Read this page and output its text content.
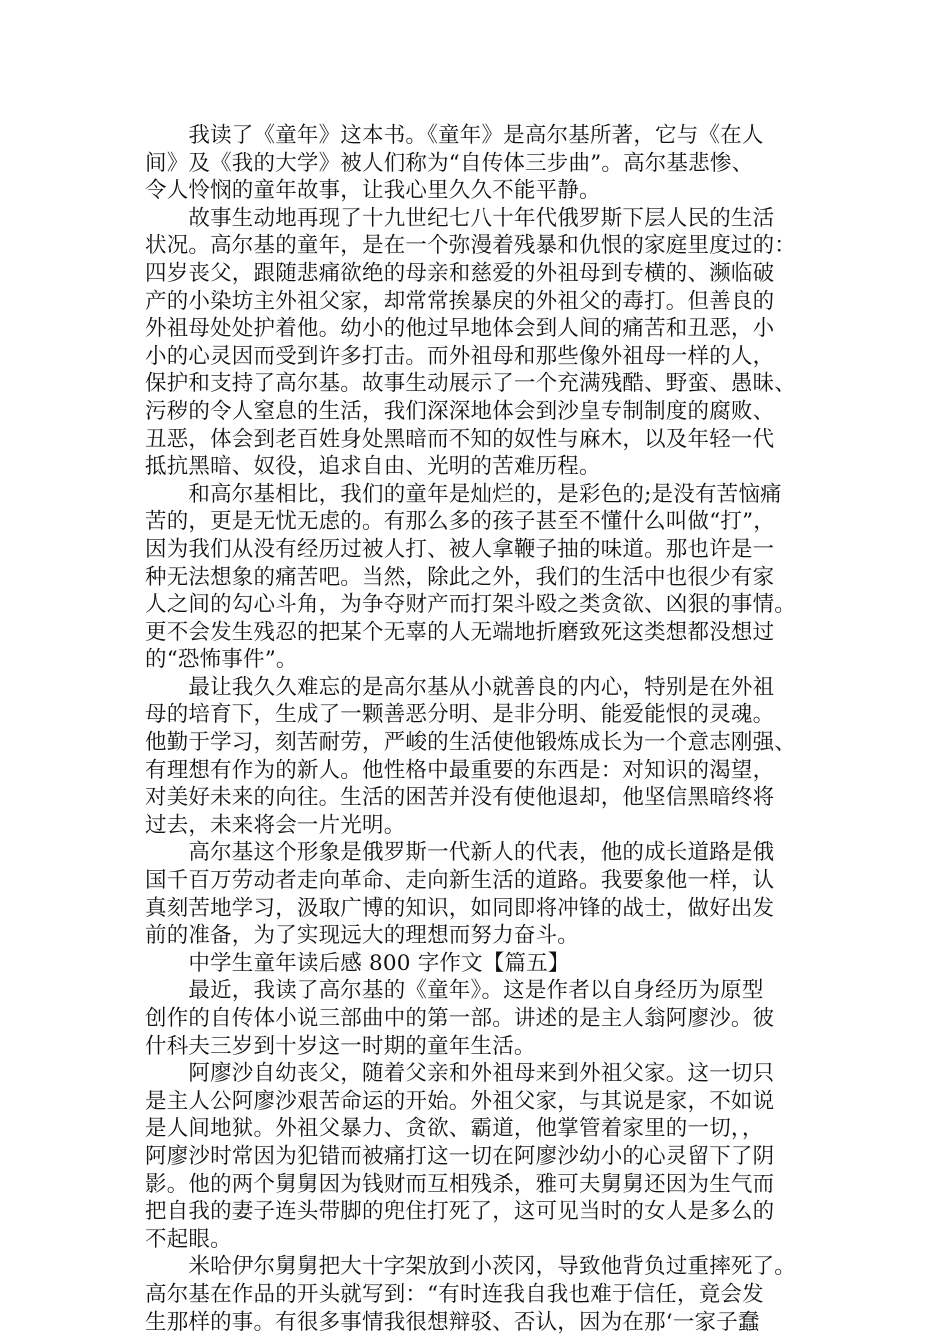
　　我读了《童年》这本书。《童年》是高尔基所著，它与《在人
间》及《我的大学》被人们称为“自传体三步曲”。高尔基悲惨、
令人怜悯的童年故事，让我心里久久不能平静。
　　故事生动地再现了十九世纪七八十年代俄罗斯下层人民的生活
状况。高尔基的童年，是在一个弥漫着残暴和仇恨的家庭里度过的：
四岁丧父，跟随悲痛欲绝的母亲和慈爱的外祖母到专横的、濒临破
产的小染坊主外祖父家，却常常挨暴戾的外祖父的毒打。但善良的
外祖母处处护着他。幼小的他过早地体会到人间的痛苦和丑恶，小
小的心灵因而受到许多打击。而外祖母和那些像外祖母一样的人，
保护和支持了高尔基。故事生动展示了一个充满残酷、野蛮、愚昧、
污秽的令人窒息的生活，我们深深地体会到沙皇专制制度的腐败、
丑恶，体会到老百姓身处黑暗而不知的奴性与麻木，以及年轻一代
抵抗黑暗、奴役，追求自由、光明的苦难历程。
　　和高尔基相比，我们的童年是灿烂的，是彩色的;是没有苦恼痛
苦的，更是无忧无虑的。有那么多的孩子甚至不懂什么叫做“打”，
因为我们从没有经历过被人打、被人拿鞭子抽的味道。那也许是一
种无法想象的痛苦吧。当然，除此之外，我们的生活中也很少有家
人之间的勾心斗角，为争夺财产而打架斗殴之类贪欲、凶狠的事情。
更不会发生残忍的把某个无辜的人无端地折磨致死这类想都没想过
的“恐怖事件”。
　　最让我久久难忘的是高尔基从小就善良的内心，特别是在外祖
母的培育下，生成了一颗善恶分明、是非分明、能爱能恨的灵魂。
他勤于学习，刻苦耐劳，严峻的生活使他锻炼成长为一个意志刚强、
有理想有作为的新人。他性格中最重要的东西是：对知识的渴望，
对美好未来的向往。生活的困苦并没有使他退却，他坚信黑暗终将
过去，未来将会一片光明。
　　高尔基这个形象是俄罗斯一代新人的代表，他的成长道路是俄
国千百万劳动者走向革命、走向新生活的道路。我要象他一样，认
真刻苦地学习，汲取广博的知识，如同即将冲锋的战士，做好出发
前的准备，为了实现远大的理想而努力奋斗。
　　中学生童年读后感 800 字作文【篇五】
　　最近，我读了高尔基的《童年》。这是作者以自身经历为原型
创作的自传体小说三部曲中的第一部。讲述的是主人翁阿廖沙。彼
什科夫三岁到十岁这一时期的童年生活。
　　阿廖沙自幼丧父，随着父亲和外祖母来到外祖父家。这一切只
是主人公阿廖沙艰苦命运的开始。外祖父家，与其说是家，不如说
是人间地狱。外祖父暴力、贪欲、霸道，他掌管着家里的一切，，
阿廖沙时常因为犯错而被痛打这一切在阿廖沙幼小的心灵留下了阴
影。他的两个舅舅因为钱财而互相残杀，雅可夫舅舅还因为生气而
把自我的妻子连头带脚的兜住打死了，这可见当时的女人是多么的
不起眼。
　　米哈伊尔舅舅把大十字架放到小茨冈，导致他背负过重摔死了。
高尔基在作品的开头就写到：“有时连我自我也难于信任，竟会发
生那样的事。有很多事情我很想辩驳、否认，因为在那‘一家子蠢
